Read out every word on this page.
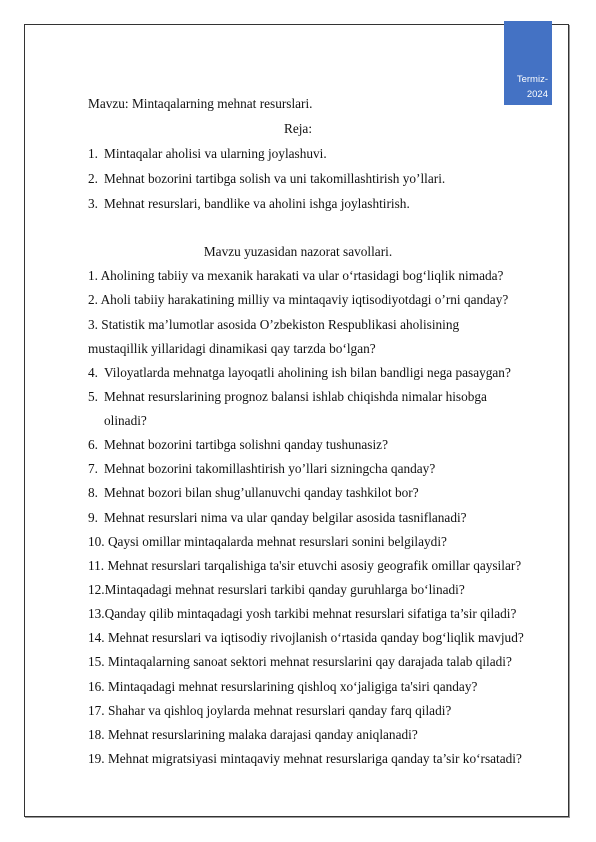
Termiz-
2024
Mavzu: Mintaqalarning mehnat resurslari.
Reja:
1. Mintaqalar aholisi va ularning joylashuvi.
2. Mehnat bozorini tartibga solish va uni takomillashtirish yo’llari.
3. Mehnat resurslari, bandlike va aholini ishga joylashtirish.
Mavzu yuzasidan nazorat savollari.
1. Aholining tabiiy va mexanik harakati va ular o‘rtasidagi bog‘liqlik nimada?
2. Aholi tabiiy harakatining milliy va mintaqaviy iqtisodiyotdagi o’rni qanday?
3. Statistik ma’lumotlar asosida O’zbekiston Respublikasi aholisining
mustaqillik yillaridagi dinamikasi qay tarzda bo‘lgan?
4. Viloyatlarda mehnatga layoqatli aholining ish bilan bandligi nega pasaygan?
5. Mehnat resurslarining prognoz balansi ishlab chiqishda nimalar hisobga
olinadi?
6. Mehnat bozorini tartibga solishni qanday tushunasiz?
7. Mehnat bozorini takomillashtirish yo’llari sizningcha qanday?
8. Mehnat bozori bilan shug’ullanuvchi qanday tashkilot bor?
9. Mehnat resurslari nima va ular qanday belgilar asosida tasniflanadi?
10. Qaysi omillar mintaqalarda mehnat resurslari sonini belgilaydi?
11. Mehnat resurslari tarqalishiga ta'sir etuvchi asosiy geografik omillar qaysilar?
12.Mintaqadagi mehnat resurslari tarkibi qanday guruhlarga bo‘linadi?
13.Qanday qilib mintaqadagi yosh tarkibi mehnat resurslari sifatiga ta’sir qiladi?
14. Mehnat resurslari va iqtisodiy rivojlanish o‘rtasida qanday bog‘liqlik mavjud?
15. Mintaqalarning sanoat sektori mehnat resurslarini qay darajada talab qiladi?
16. Mintaqadagi mehnat resurslarining qishloq xo‘jaligiga ta'siri qanday?
17. Shahar va qishloq joylarda mehnat resurslari qanday farq qiladi?
18. Mehnat resurslarining malaka darajasi qanday aniqlanadi?
19. Mehnat migratsiyasi mintaqaviy mehnat resurslariga qanday ta’sir ko‘rsatadi?
